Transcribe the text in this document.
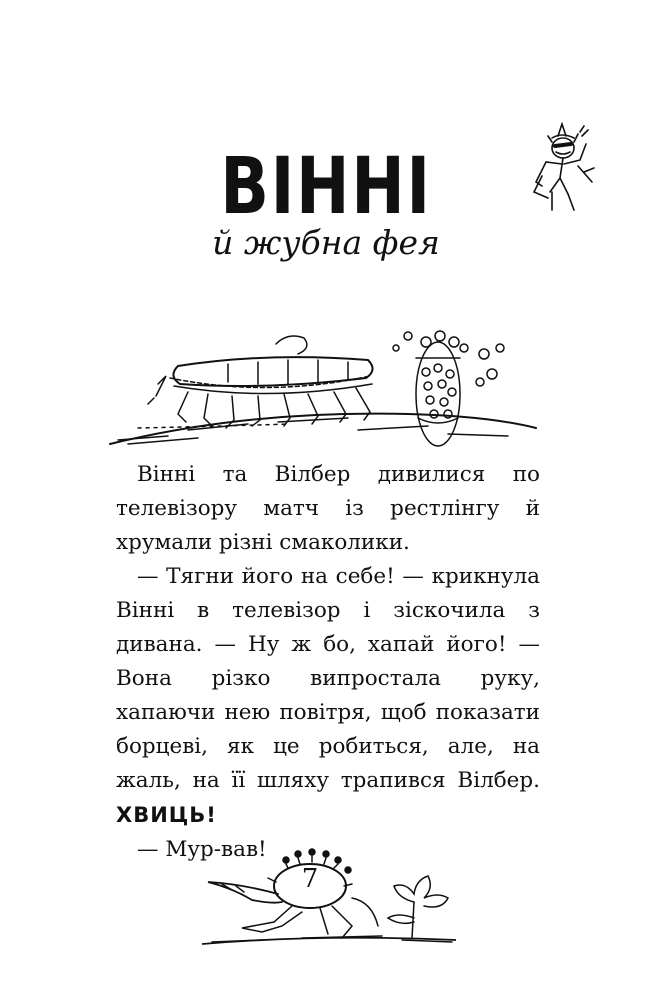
ВІННІ
й жубна фея

Вінні та Вілбер дивилися по телевізору матч із рестлінгу й хрумали різні смаколики.

— Тягни його на себе! — крикнула Вінні в телевізор і зіскочила з дивана. — Ну ж бо, хапай його! — Вона різко випростала руку, хапаючи нею повітря, щоб показати борцеві, як це робиться, але, на жаль, на її шляху трапився Вілбер. ХВИЦЬ!

— Мур-вав!

7
